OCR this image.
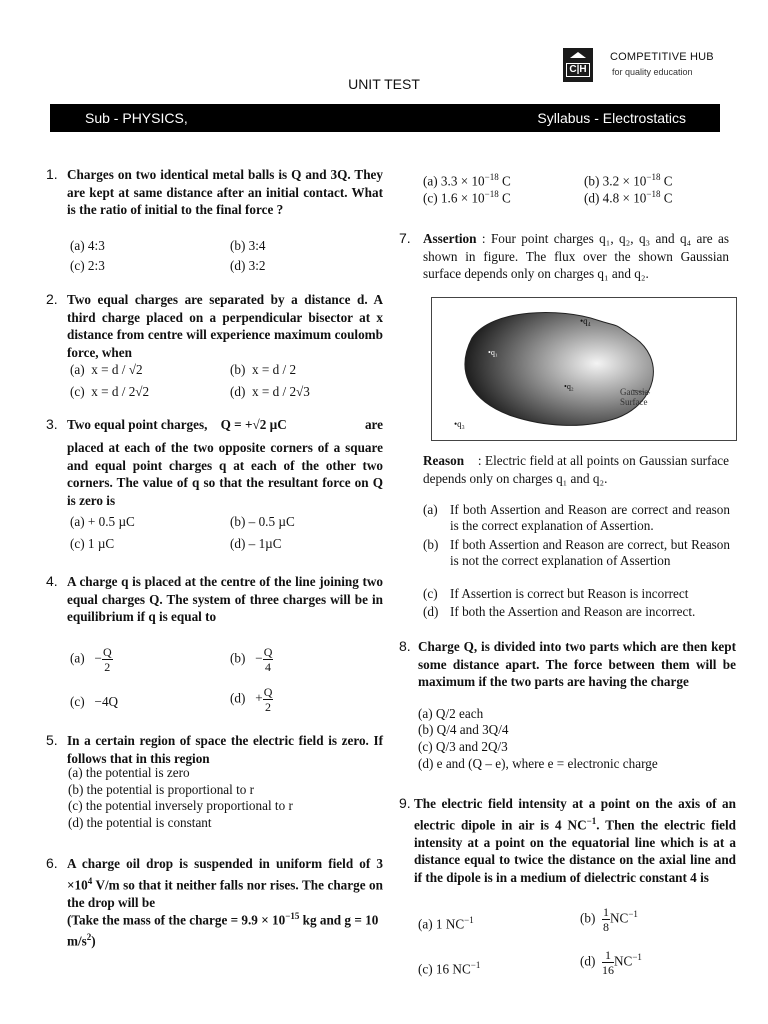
C|H
COMPETITIVE HUB
for quality education
UNIT TEST
Sub - PHYSICS,	Syllabus - Electrostatics
1. Charges on two identical metal balls is Q and 3Q. They are kept at same distance after an initial contact. What is the ratio of initial to the final force ?
(a) 4:3	(b) 3:4
(c) 2:3	(d) 3:2
2. Two equal charges are separated by a distance d. A third charge placed on a perpendicular bisector at x distance from centre will experience maximum coulomb force, when
(a) x = d / √2	(b) x = d / 2
(c) x = d / 2√2	(d) x = d / 2√3
3. Two equal point charges, Q = +√2 µC	are
placed at each of the two opposite corners of a square and equal point charges q at each of the other two corners. The value of q so that the resultant force on Q is zero is
(a) + 0.5 µC	(b) – 0.5 µC
(c) 1 µC	(d) – 1µC
4. A charge q is placed at the centre of the line joining two equal charges Q. The system of three charges will be in equilibrium if q is equal to
$(a) - \frac{Q}{2}$	$(b) - \frac{Q}{4}$
(c) −4Q	$(d) + \frac{Q}{2}$
5. In a certain region of space the electric field is zero. If follows that in this region
(a) the potential is zero
(b) the potential is proportional to r
(c) the potential inversely proportional to r
(d) the potential is constant
6. A charge oil drop is suspended in uniform field of $3 \times 10^4$ V/m so that it neither falls nor rises. The charge on the drop will be
(Take the mass of the charge = $9.9 \times 10^{-15}$ kg and g = 10 $m/s^2$)
(a) $3.3 \times 10^{-18}$ C	(b) $3.2 \times 10^{-18}$ C
(c) $1.6 \times 10^{-18}$ C	(d) $4.8 \times 10^{-18}$ C
7. Assertion : Four point charges q₁, q₂, q₃ and q₄ are as shown in figure. The flux over the shown Gaussian surface depends only on charges q₁ and q₂.
•q₁
•q₂
•q₃
•q₄
Gaussia
Surface
Reason : Electric field at all points on Gaussian surface depends only on charges q₁ and q₂.
(a) If both Assertion and Reason are correct and reason is the correct explanation of Assertion.
(b) If both Assertion and Reason are correct, but Reason is not the correct explanation of Assertion
(c) If Assertion is correct but Reason is incorrect
(d) If both the Assertion and Reason are incorrect.
8. Charge Q, is divided into two parts which are then kept some distance apart. The force between them will be maximum if the two parts are having the charge
(a) Q/2 each
(b) Q/4 and 3Q/4
(c) Q/3 and 2Q/3
(d) e and (Q – e), where e = electronic charge
9. The electric field intensity at a point on the axis of an electric dipole in air is 4 $NC^{-1}$. Then the electric field intensity at a point on the equatorial line which is at a distance equal to twice the distance on the axial line and if the dipole is in a medium of dielectric constant 4 is
(a) 1 $NC^{-1}$	$(b) \frac{1}{8} NC^{-1}$
(c) 16 $NC^{-1}$	$(d) \frac{1}{16} NC^{-1}$
